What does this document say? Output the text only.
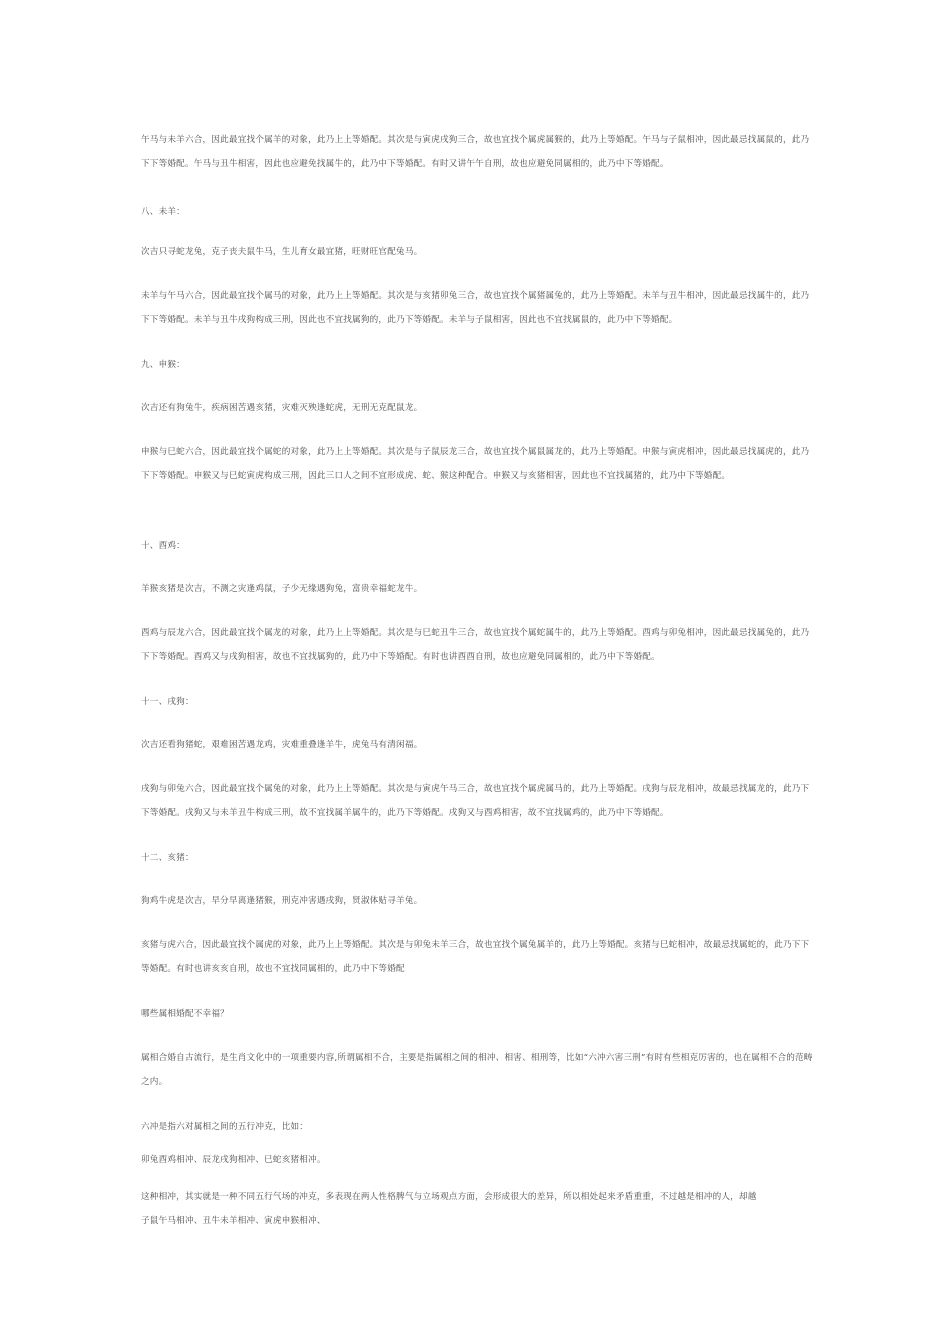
午马与未羊六合，因此最宜找个属羊的对象，此乃上上等婚配。其次是与寅虎戌狗三合，故也宜找个属虎属猴的，此乃上等婚配。午马与子鼠相冲，因此最忌找属鼠的，此乃下下等婚配。午马与丑牛相害，因此也应避免找属牛的，此乃中下等婚配。有时又讲午午自刑，故也应避免同属相的，此乃中下等婚配。
八、未羊：
次吉只寻蛇龙兔，克子丧夫鼠牛马，生儿育女最宜猪，旺财旺官配兔马。
未羊与午马六合，因此最宜找个属马的对象，此乃上上等婚配。其次是与亥猪卯兔三合，故也宜找个属猪属兔的，此乃上等婚配。未羊与丑牛相冲，因此最忌找属牛的，此乃下下等婚配。未羊与丑牛戌狗构成三刑，因此也不宜找属狗的，此乃下等婚配。未羊与子鼠相害，因此也不宜找属鼠的，此乃中下等婚配。
九、申猴：
次吉还有狗兔牛，疾病困苦遇亥猪，灾难灭殃逢蛇虎，无刑无克配鼠龙。
申猴与巳蛇六合，因此最宜找个属蛇的对象，此乃上上等婚配。其次是与子鼠辰龙三合，故也宜找个属鼠属龙的，此乃上等婚配。申猴与寅虎相冲，因此最忌找属虎的，此乃下下等婚配。申猴又与巳蛇寅虎构成三刑，因此三口人之间不宜形成虎、蛇、猴这种配合。申猴又与亥猪相害，因此也不宜找属猪的，此乃中下等婚配。
十、酉鸡：
羊猴亥猪是次吉，不测之灾逢鸡鼠，子少无缘遇狗兔，富贵幸福蛇龙牛。
酉鸡与辰龙六合，因此最宜找个属龙的对象，此乃上上等婚配。其次是与巳蛇丑牛三合，故也宜找个属蛇属牛的，此乃上等婚配。酉鸡与卯兔相冲，因此最忌找属兔的，此乃下下等婚配。酉鸡又与戌狗相害，故也不宜找属狗的，此乃中下等婚配。有时也讲酉酉自刑，故也应避免同属相的，此乃中下等婚配。
十一、戌狗：
次吉还看狗猪蛇，艰难困苦遇龙鸡，灾难重叠逢羊牛，虎兔马有清闲福。
戌狗与卯兔六合，因此最宜找个属兔的对象，此乃上上等婚配。其次是与寅虎午马三合，故也宜找个属虎属马的，此乃上等婚配。戌狗与辰龙相冲，故最忌找属龙的，此乃下下等婚配。戌狗又与未羊丑牛构成三刑，故不宜找属羊属牛的，此乃下等婚配。戌狗又与酉鸡相害，故不宜找属鸡的，此乃中下等婚配。
十二、亥猪：
狗鸡牛虎是次吉，早分早离逢猪猴，刑克冲害遇戌狗，贤淑体贴寻羊兔。
亥猪与虎六合，因此最宜找个属虎的对象，此乃上上等婚配。其次是与卯兔未羊三合，故也宜找个属兔属羊的，此乃上等婚配。亥猪与巳蛇相冲，故最忌找属蛇的，此乃下下等婚配。有时也讲亥亥自刑，故也不宜找同属相的，此乃中下等婚配
哪些属相婚配不幸福？
属相合婚自古流行，是生肖文化中的一项重要内容,所谓属相不合，主要是指属相之间的相冲、相害、相刑等，比如“六冲六害三刑”有时有些相克厉害的，也在属相不合的范畴之内。
六冲是指六对属相之间的五行冲克，比如：
卯兔酉鸡相冲、辰龙戌狗相冲、巳蛇亥猪相冲。
这种相冲，其实就是一种不同五行气场的冲克，多表现在两人性格脾气与立场观点方面，会形成很大的差异，所以相处起来矛盾重重，不过越是相冲的人，却越
子鼠午马相冲、丑牛未羊相冲、寅虎申猴相冲、
